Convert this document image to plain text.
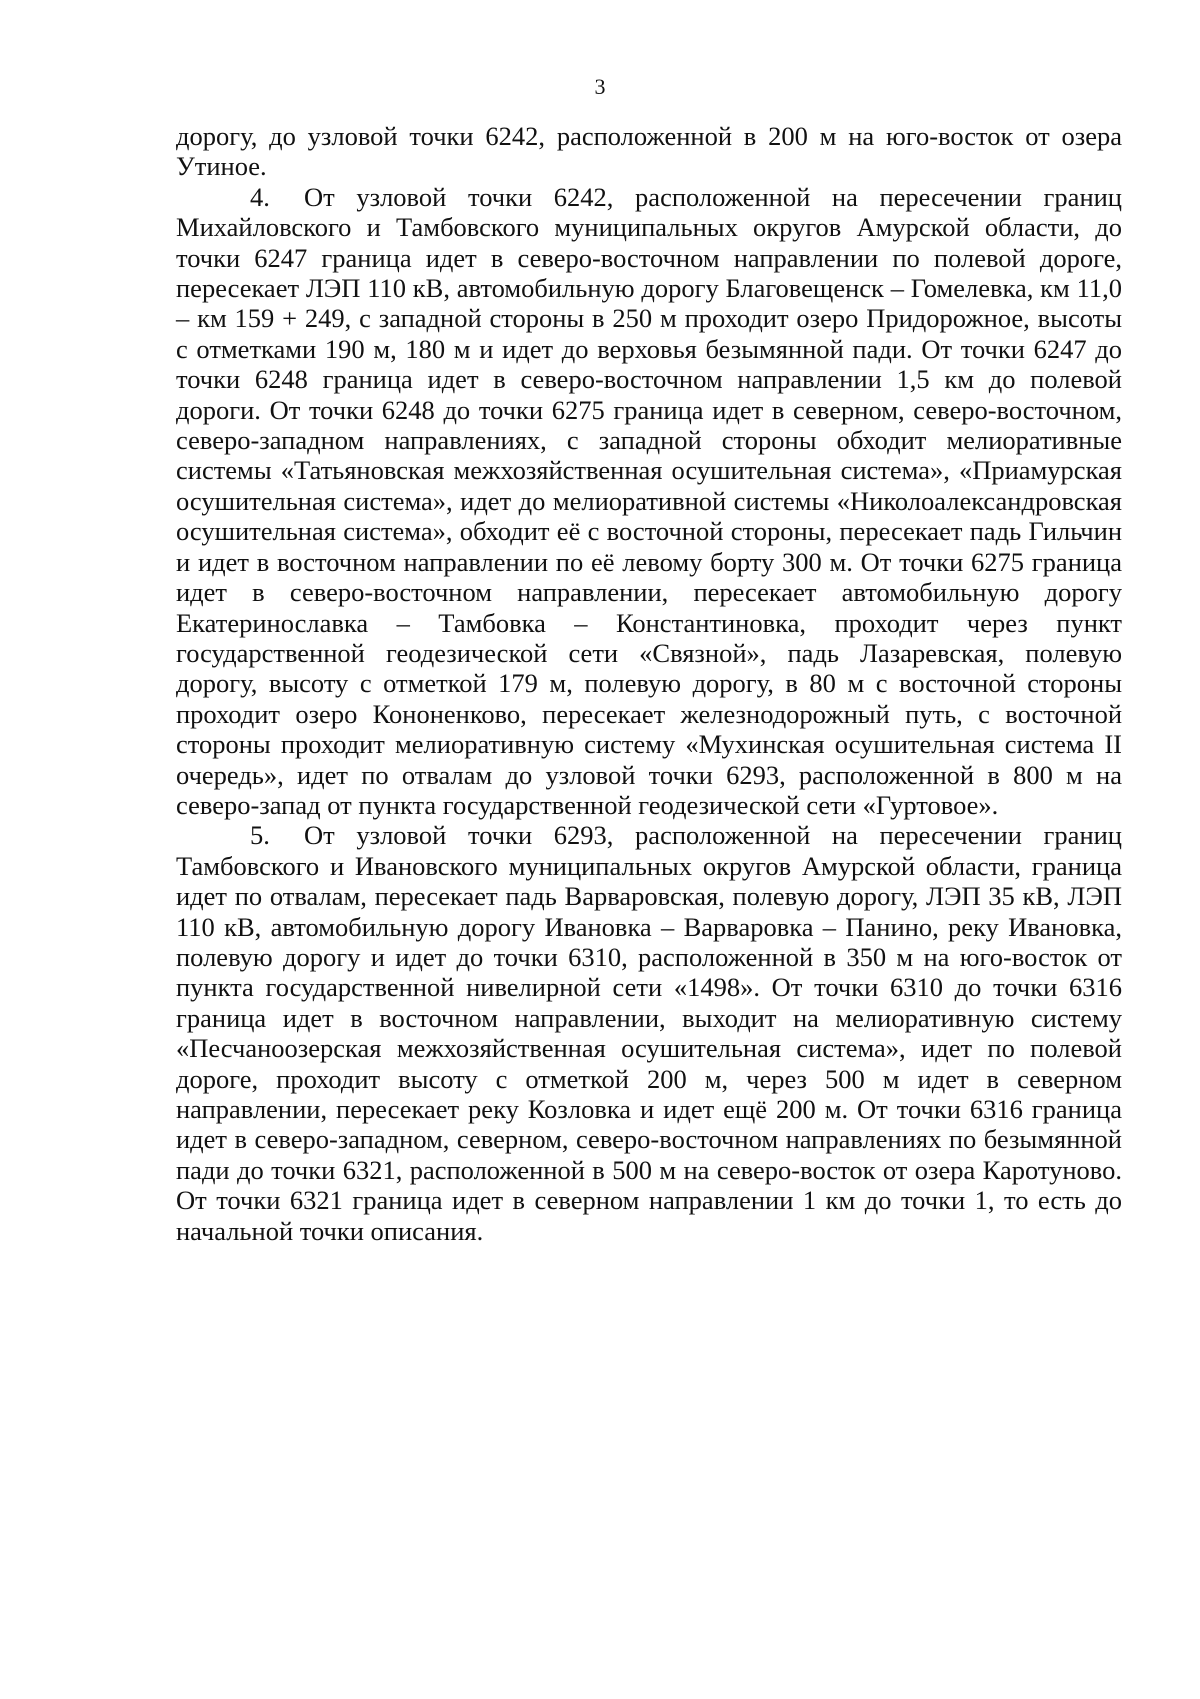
3

дорогу, до узловой точки 6242, расположенной в 200 м на юго-восток от озера Утиное.

4. От узловой точки 6242, расположенной на пересечении границ Михайловского и Тамбовского муниципальных округов Амурской области, до точки 6247 граница идет в северо-восточном направлении по полевой дороге, пересекает ЛЭП 110 кВ, автомобильную дорогу Благовещенск – Гомелевка, км 11,0 – км 159 + 249, с западной стороны в 250 м проходит озеро Придорожное, высоты с отметками 190 м, 180 м и идет до верховья безымянной пади. От точки 6247 до точки 6248 граница идет в северо-восточном направлении 1,5 км до полевой дороги. От точки 6248 до точки 6275 граница идет в северном, северо-восточном, северо-западном направлениях, с западной стороны обходит мелиоративные системы «Татьяновская межхозяйственная осушительная система», «Приамурская осушительная система», идет до мелиоративной системы «Николоалександровская осушительная система», обходит её с восточной стороны, пересекает падь Гильчин и идет в восточном направлении по её левому борту 300 м. От точки 6275 граница идет в северо-восточном направлении, пересекает автомобильную дорогу Екатеринославка – Тамбовка – Константиновка, проходит через пункт государственной геодезической сети «Связной», падь Лазаревская, полевую дорогу, высоту с отметкой 179 м, полевую дорогу, в 80 м с восточной стороны проходит озеро Кононенково, пересекает железнодорожный путь, с восточной стороны проходит мелиоративную систему «Мухинская осушительная система II очередь», идет по отвалам до узловой точки 6293, расположенной в 800 м на северо-запад от пункта государственной геодезической сети «Гуртовое».

5. От узловой точки 6293, расположенной на пересечении границ Тамбовского и Ивановского муниципальных округов Амурской области, граница идет по отвалам, пересекает падь Варваровская, полевую дорогу, ЛЭП 35 кВ, ЛЭП 110 кВ, автомобильную дорогу Ивановка – Варваровка – Панино, реку Ивановка, полевую дорогу и идет до точки 6310, расположенной в 350 м на юго-восток от пункта государственной нивелирной сети «1498». От точки 6310 до точки 6316 граница идет в восточном направлении, выходит на мелиоративную систему «Песчаноозерская межхозяйственная осушительная система», идет по полевой дороге, проходит высоту с отметкой 200 м, через 500 м идет в северном направлении, пересекает реку Козловка и идет ещё 200 м. От точки 6316 граница идет в северо-западном, северном, северо-восточном направлениях по безымянной пади до точки 6321, расположенной в 500 м на северо-восток от озера Каротуново. От точки 6321 граница идет в северном направлении 1 км до точки 1, то есть до начальной точки описания.
